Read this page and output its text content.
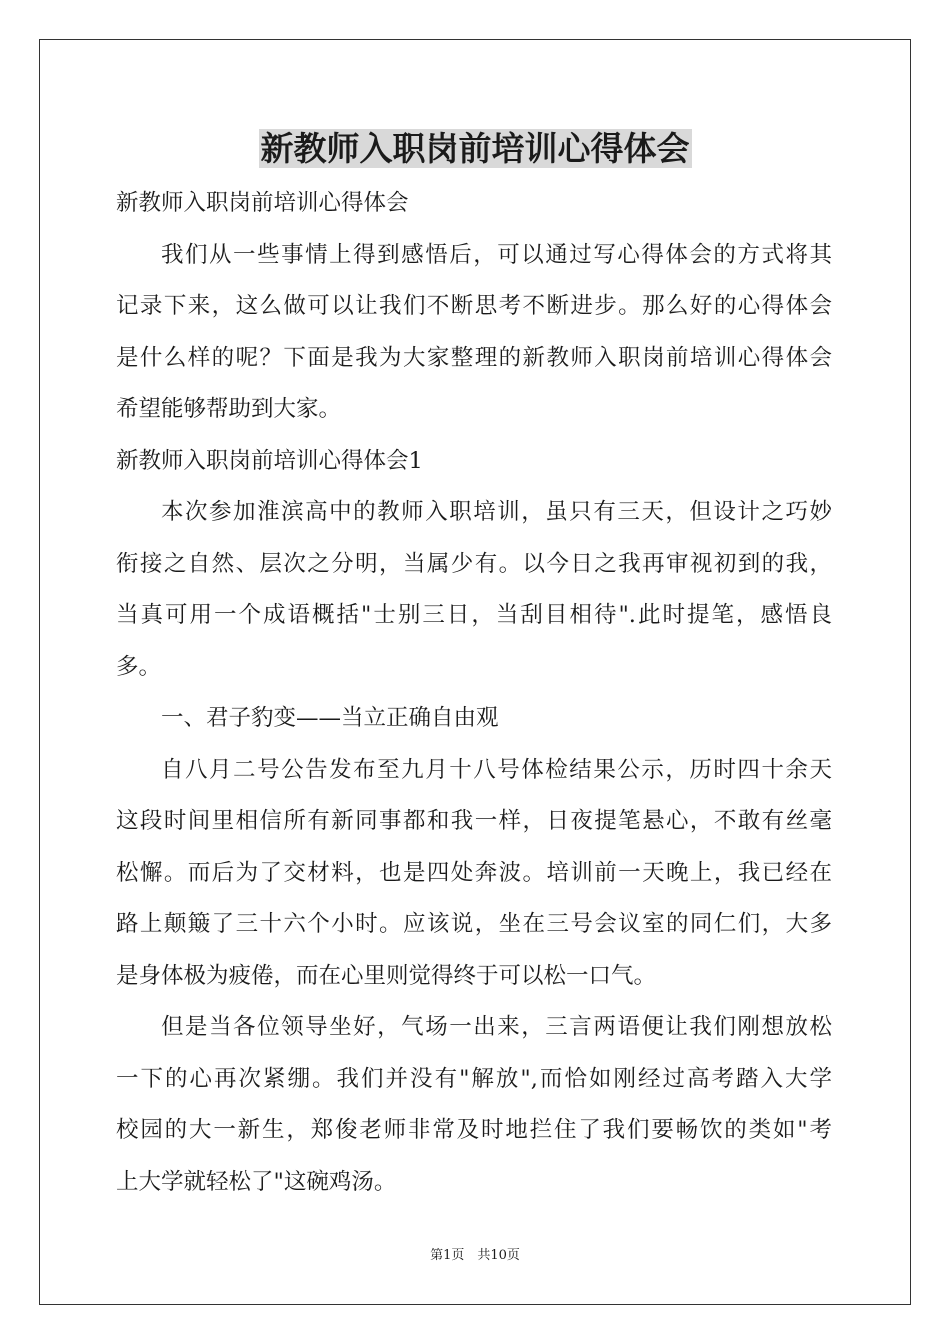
新教师入职岗前培训心得体会

新教师入职岗前培训心得体会

我们从一些事情上得到感悟后，可以通过写心得体会的方式将其
记录下来，这么做可以让我们不断思考不断进步。那么好的心得体会
是什么样的呢？下面是我为大家整理的新教师入职岗前培训心得体会
希望能够帮助到大家。

新教师入职岗前培训心得体会1

本次参加淮滨高中的教师入职培训，虽只有三天，但设计之巧妙
衔接之自然、层次之分明，当属少有。以今日之我再审视初到的我，
当真可用一个成语概括"士别三日，当刮目相待".此时提笔，感悟良
多。

一、君子豹变——当立正确自由观

自八月二号公告发布至九月十八号体检结果公示，历时四十余天
这段时间里相信所有新同事都和我一样，日夜提笔悬心，不敢有丝毫
松懈。而后为了交材料，也是四处奔波。培训前一天晚上，我已经在
路上颠簸了三十六个小时。应该说，坐在三号会议室的同仁们，大多
是身体极为疲倦，而在心里则觉得终于可以松一口气。
但是当各位领导坐好，气场一出来，三言两语便让我们刚想放松
一下的心再次紧绷。我们并没有"解放",而恰如刚经过高考踏入大学
校园的大一新生，郑俊老师非常及时地拦住了我们要畅饮的类如"考
上大学就轻松了"这碗鸡汤。

第1页　共10页
